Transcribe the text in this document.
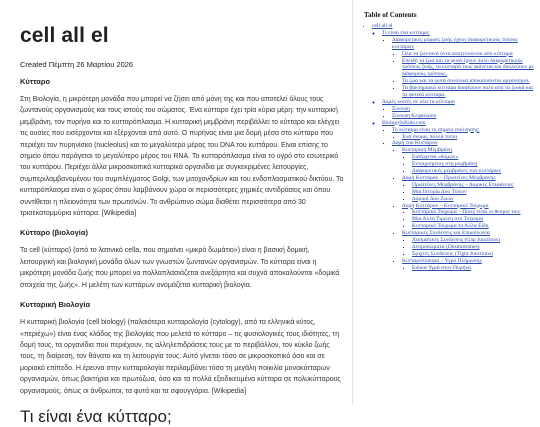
cell all el
Created Πέμπτη 26 Μαρτίου 2026
Κύτταρο

Στη Βιολογία, η μικρότερη μονάδα που μπορεί να ζήσει από μόνη της και που αποτελεί όλους τους ζωντανούς οργανισμούς και τους ιστούς του σώματος. Ένα κύτταρο έχει τρία κύρια μέρη: την κυτταρική μεμβράνη, τον πυρήνα και το κυτταρόπλασμα. Η κυτταρική μεμβράνη περιβάλλει το κύτταρο και ελέγχει τις ουσίες που εισέρχονται και εξέρχονται από αυτό. Ο πυρήνας είναι μια δομή μέσα στο κύτταρο που περιέχει τον πυρηνίσκο (nucleolus) και το μεγαλύτερο μέρος του DNA του κυττάρου. Είναι επίσης το σημείο όπου παράγεται το μεγαλύτερο μέρος του RNA. Το κυτταρόπλασμα είναι το υγρό στο εσωτερικό του κυττάρου. Περιέχει άλλα μικροσκοπικά κυτταρικά οργανίδια με συγκεκριμένες λειτουργίες, συμπεριλαμβανομένου του συμπλέγματος Golgi, των μιτοχονδρίων και του ενδοπλασματικού δικτύου. Το κυτταρόπλασμα είναι ο χώρος όπου λαμβάνουν χώρα οι περισσότερες χημικές αντιδράσεις και όπου συντίθεται η πλειονότητα των πρωτεϊνών. Το ανθρώπινο σώμα διαθέτει περισσότερα από 30 τρισεκατομμύρια κύτταρα. [Wikipedia]

Κύτταρο (βιολογία)

Το cell (κύτταρο) (από το λατινικό cella, που σημαίνει «μικρό δωμάτιο») είναι η βασική δομική, λειτουργική και βιολογική μονάδα όλων των γνωστών ζωντανών οργανισμών. Τα κύτταρα είναι η μικρότερη μονάδα ζωής που μπορεί να πολλαπλασιάζεται ανεξάρτητα και συχνά αποκαλούνται «δομικά στοιχεία της ζωής». Η μελέτη των κυττάρων ονομάζεται κυτταρική βιολογία.

Κυτταρική Βιολογία

Η κυτταρική βιολογία (cell biology) (παλαιότερα κυτταρολογία (cytology), από τα ελληνικά κύτος, «περιέχω») είναι ένας κλάδος της βιολογίας που μελετά το κύτταρο – τις φυσιολογικές τους ιδιότητες, τη δομή τους, τα οργανίδια που περιέχουν, τις αλληλεπιδράσεις τους με το περιβάλλον, τον κύκλο ζωής τους, τη διαίρεση, τον θάνατο και τη λειτουργία τους. Αυτό γίνεται τόσο σε μικροσκοπικό όσο και σε μοριακό επίπεδο. Η έρευνα στην κυτταρολογία περιλαμβάνει τόσο τη μεγάλη ποικιλία μονοκύτταρων οργανισμών, όπως βακτήρια και πρωτόζωα, όσο και τα πολλά εξειδικευμένα κύτταρα σε πολυκύτταρους οργανισμούς, όπως οι άνθρωποι, τα φυτά και τα σφουγγάρια. [Wikipedia]

Τι είναι ένα κύτταρο;
Table of Contents
• cell all el
◦ Τι είναι ένα κύτταρο;
▪ Διαφορετικές μορφές ζωής έχουν διαφορετικούς τύπους κυττάρων
▪ Όλα τα ζωντανά όντα αποτελούνται από κύτταρα
▪ Επειδή τα ζώα και τα φυτά έχουν πολύ διαφορετικούς τρόπους ζωής, τα κύτταρά τους φαίνεται και δουλεύουν με διάφορους τρόπους.
▪ Τα ζώα και τα φυτά συνολικά αποκαλούνται οργανισμοί.
▪ Τα βακτηριακά κύτταρα διαφέρουν πολύ από τα ζωικά και τα φυτικά κύτταρα.
◦ Δομές κοινές σε όλα τα κύτταρα
▪ Σύνοψη
▪ Σύνοψη Κεφαλαίου
◦ BiologyIsKids.com
▪ Το κύτταρο είναι το σημείο εκκίνησης;
▪ Ένα όνομα, πολλά τύποι
▪ Δομή του Κυττάρου
▪ Κυτταρική Μεμβράνη
▪ Εισέρχεται «δομών»
▪ Εντοιχισμένες στη μεμβράνη
▪ Διαφορετικές μεμβράνες των κυττάρων
▪ Δομή Κυττάρου – Πρωτεΐνες Μεμβράνης
▪ Πρωτεΐνες Μεμβράνης – Δομικές Επιφάνειες
▪ Μια Ιστορία Δύο Τύπων
▪ Δομικά Δύο Ζωών
▪ Δομή Κυττάρου – Κυτταρικό Τοίχωμα
▪ Κυτταρικό Τοίχωμα – Ποιες είναι οι θεσμοί του;
▪ Μια Άλλη Τιμώνη στο Τοίχωμα
▪ Κυτταρικό Τοίχωμα τα Άλλα Είδη
▪ Κυτταρικές Συνδέσεις και Επικοινωνία
▪ Χασματικές Συνδέσεις (Gap Junctions)
▪ Δεσμοσώματα (Desmosomes)
▪ Σφιχτές Συνδέσεις (Tight Junctions)
▪ Κυτταρόπλασμα – Υγρό Πλήρωσης
▪ Ειδικά Υγρά στον Πυρήνα
